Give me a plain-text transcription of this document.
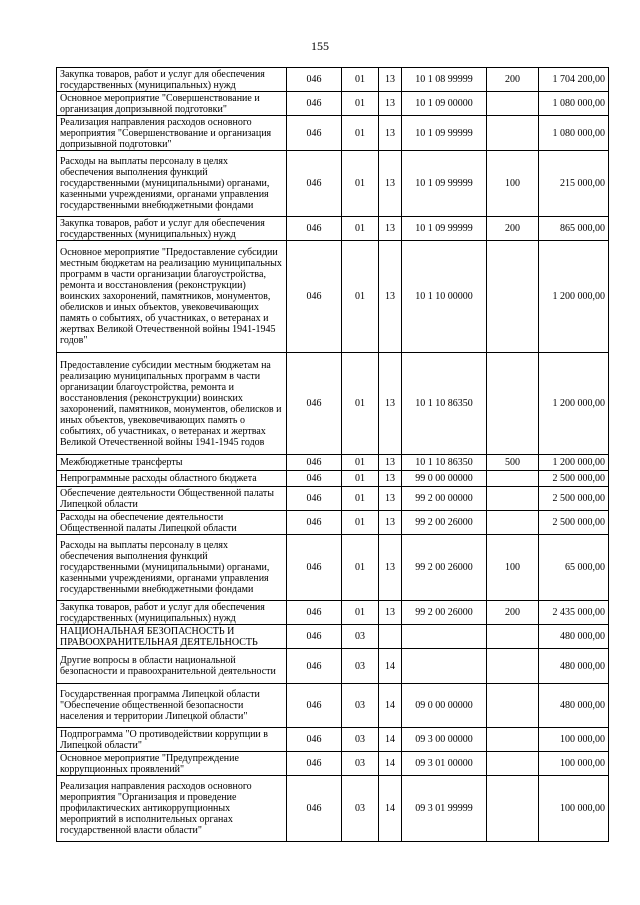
155
Закупка товаров, работ и услуг для обеспечения государственных (муниципальных) нужд	046	01	13	10 1 08 99999	200	1 704 200,00
Основное мероприятие "Совершенствование и организация допризывной подготовки"	046	01	13	10 1 09 00000		1 080 000,00
Реализация направления расходов основного мероприятия "Совершенствование и организация допризывной подготовки"	046	01	13	10 1 09 99999		1 080 000,00
Расходы на выплаты персоналу в целях обеспечения выполнения функций государственными (муниципальными) органами, казенными учреждениями, органами управления государственными внебюджетными фондами	046	01	13	10 1 09 99999	100	215 000,00
Закупка товаров, работ и услуг для обеспечения государственных (муниципальных) нужд	046	01	13	10 1 09 99999	200	865 000,00
Основное мероприятие "Предоставление субсидии местным бюджетам на реализацию муниципальных программ в части организации благоустройства, ремонта и восстановления (реконструкции) воинских захоронений, памятников, монументов, обелисков и иных объектов, увековечивающих память о событиях, об участниках, о ветеранах и жертвах Великой Отечественной войны 1941-1945 годов"	046	01	13	10 1 10 00000		1 200 000,00
Предоставление субсидии местным бюджетам на реализацию муниципальных программ в части организации благоустройства, ремонта и восстановления (реконструкции) воинских захоронений, памятников, монументов, обелисков и иных объектов, увековечивающих память о событиях, об участниках, о ветеранах и жертвах Великой Отечественной войны 1941-1945 годов	046	01	13	10 1 10 86350		1 200 000,00
Межбюджетные трансферты	046	01	13	10 1 10 86350	500	1 200 000,00
Непрограммные расходы областного бюджета	046	01	13	99 0 00 00000		2 500 000,00
Обеспечение деятельности Общественной палаты Липецкой области	046	01	13	99 2 00 00000		2 500 000,00
Расходы на обеспечение деятельности Общественной палаты Липецкой области	046	01	13	99 2 00 26000		2 500 000,00
Расходы на выплаты персоналу в целях обеспечения выполнения функций государственными (муниципальными) органами, казенными учреждениями, органами управления государственными внебюджетными фондами	046	01	13	99 2 00 26000	100	65 000,00
Закупка товаров, работ и услуг для обеспечения государственных (муниципальных) нужд	046	01	13	99 2 00 26000	200	2 435 000,00
НАЦИОНАЛЬНАЯ БЕЗОПАСНОСТЬ И ПРАВООХРАНИТЕЛЬНАЯ ДЕЯТЕЛЬНОСТЬ	046	03				480 000,00
Другие вопросы в области национальной безопасности и правоохранительной деятельности	046	03	14			480 000,00
Государственная программа Липецкой области "Обеспечение общественной безопасности населения и территории Липецкой области"	046	03	14	09 0 00 00000		480 000,00
Подпрограмма "О противодействии коррупции в Липецкой области"	046	03	14	09 3 00 00000		100 000,00
Основное мероприятие "Предупреждение коррупционных проявлений"	046	03	14	09 3 01 00000		100 000,00
Реализация направления расходов основного мероприятия "Организация и проведение профилактических антикоррупционных мероприятий в исполнительных органах государственной власти области"	046	03	14	09 3 01 99999		100 000,00
